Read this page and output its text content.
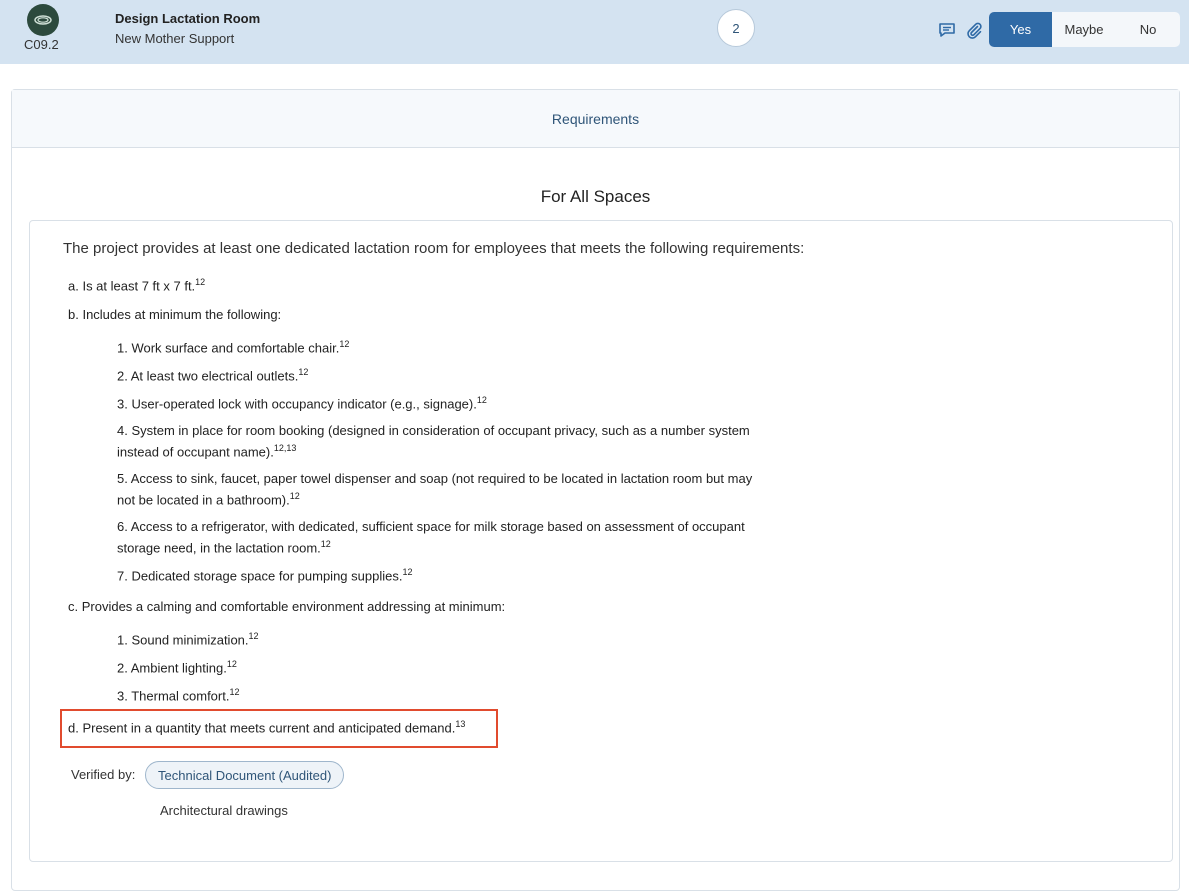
C09.2
Design Lactation Room
New Mother Support
2	Yes	Maybe	No
Requirements
For All Spaces
The project provides at least one dedicated lactation room for employees that meets the following requirements:
a. Is at least 7 ft x 7 ft.$^{12}$
b. Includes at minimum the following:
1. Work surface and comfortable chair.$^{12}$
2. At least two electrical outlets.$^{12}$
3. User-operated lock with occupancy indicator (e.g., signage).$^{12}$
4. System in place for room booking (designed in consideration of occupant privacy, such as a number system
instead of occupant name).$^{12,13}$
5. Access to sink, faucet, paper towel dispenser and soap (not required to be located in lactation room but may
not be located in a bathroom).$^{12}$
6. Access to a refrigerator, with dedicated, sufficient space for milk storage based on assessment of occupant
storage need, in the lactation room.$^{12}$
7. Dedicated storage space for pumping supplies.$^{12}$
c. Provides a calming and comfortable environment addressing at minimum:
1. Sound minimization.$^{12}$
2. Ambient lighting.$^{12}$
3. Thermal comfort.$^{12}$
d. Present in a quantity that meets current and anticipated demand.$^{13}$
Verified by:	Technical Document (Audited)
Architectural drawings
